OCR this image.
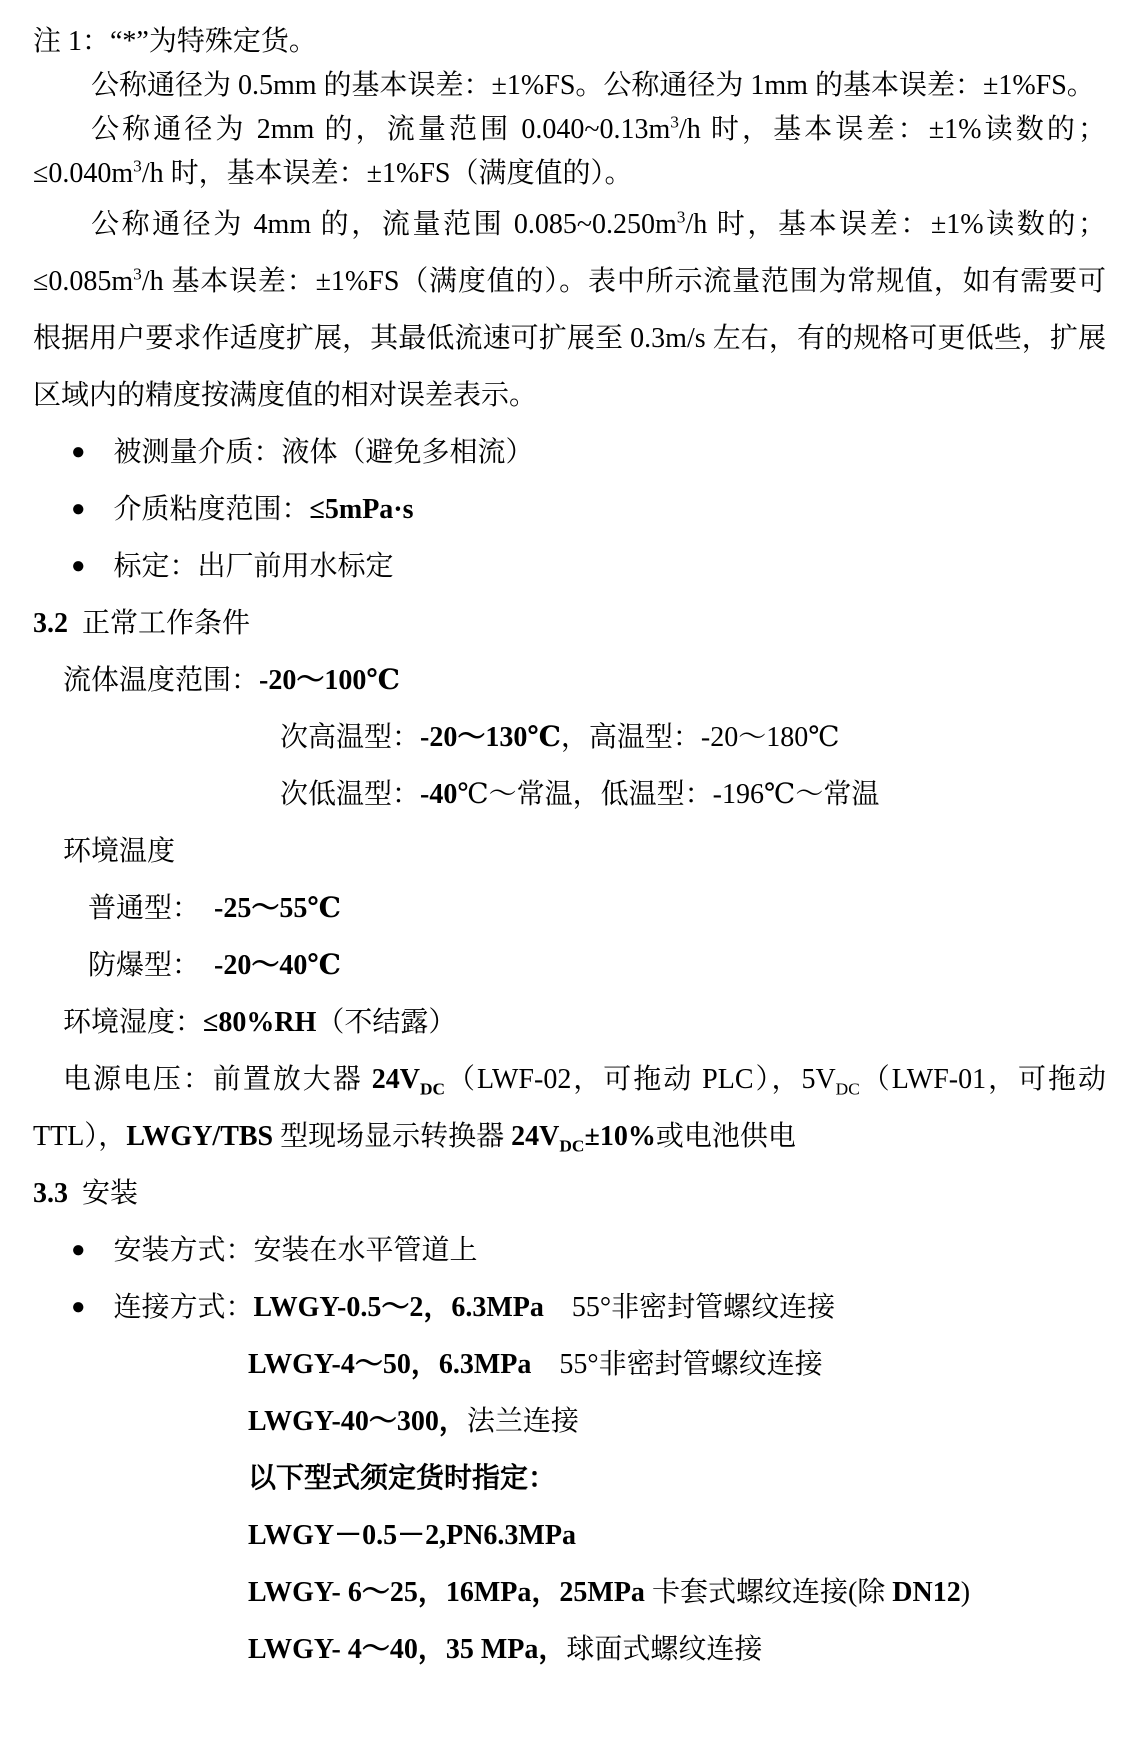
注 1：“*”为特殊定货。
公称通径为 0.5mm 的基本误差：±1%FS。公称通径为 1mm 的基本误差：±1%FS。
公称通径为 2mm 的，流量范围 $0.040\sim 0.13m^3/h$ 时，基本误差：±1%读数的；$\le 0.040m^3/h$ 时，基本误差：±1%FS（满度值的）。
公称通径为 4mm 的，流量范围 $0.085\sim 0.250m^3/h$ 时，基本误差：±1%读数的；$\le 0.085m^3/h$ 基本误差：±1%FS（满度值的）。表中所示流量范围为常规值，如有需要可根据用户要求作适度扩展，其最低流速可扩展至 0.3m/s 左右，有的规格可更低些，扩展区域内的精度按满度值的相对误差表示。
● 被测量介质：液体（避免多相流）
● 介质粘度范围：≤5mPa·s
● 标定：出厂前用水标定
3.2  正常工作条件
流体温度范围：-20～100℃
次高温型：-20～130℃，高温型：-20～180℃
次低温型：-40℃～常温，低温型：-196℃～常温
环境温度
普通型：　-25～55℃
防爆型：　-20～40℃
环境湿度：≤80%RH（不结露）
电源电压：前置放大器 $24V_{DC}(LWF-02$，可拖动 PLC），$5V_{DC}(LWF-01$，可拖动 TTL），LWGY/TBS 型现场显示转换器 $24V_{DC}\pm 10\%$或电池供电
3.3  安装
● 安装方式：安装在水平管道上
● 连接方式：LWGY-0.5～2，6.3MPa　55°非密封管螺纹连接
LWGY-4～50，6.3MPa　55°非密封管螺纹连接
LWGY-40～300，法兰连接
以下型式须定货时指定：
LWGY－0.5－2,PN6.3MPa
LWGY- 6～25，16MPa，25MPa 卡套式螺纹连接(除 DN12)
LWGY- 4～40，35 MPa，球面式螺纹连接
